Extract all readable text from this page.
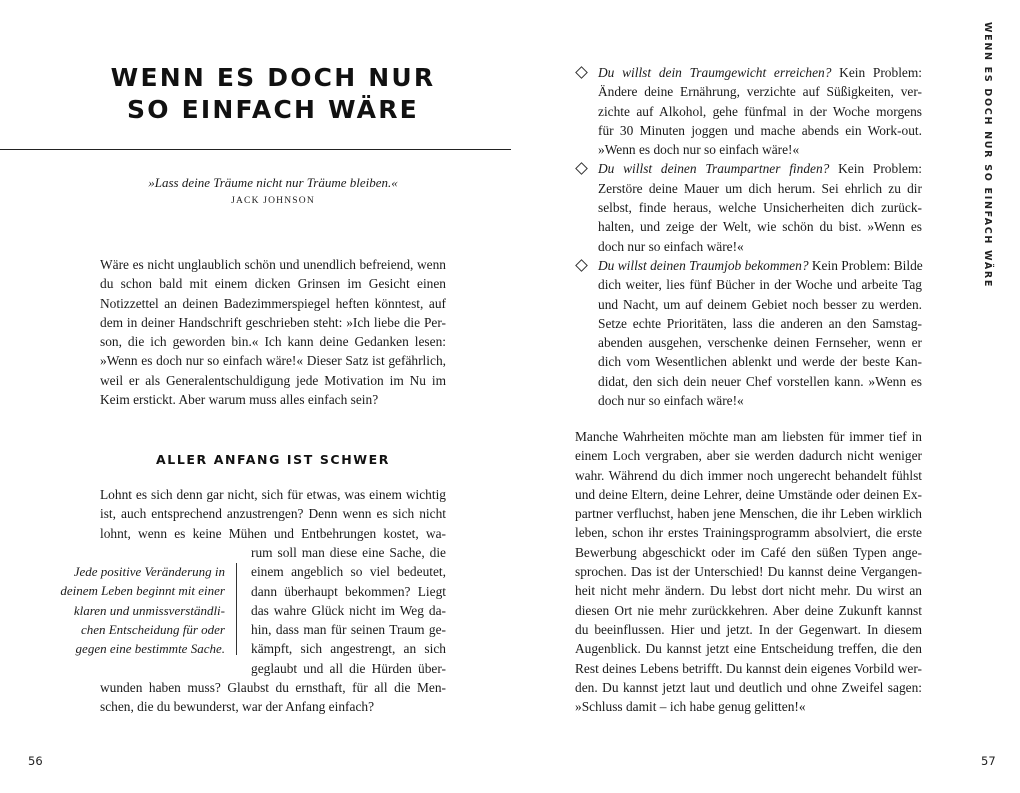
WENN ES DOCH NUR
SO EINFACH WÄRE
»Lass deine Träume nicht nur Träume bleiben.«
JACK JOHNSON
Wäre es nicht unglaublich schön und unendlich befreiend, wenn
du schon bald mit einem dicken Grinsen im Gesicht einen
Notizzettel an deinen Badezimmerspiegel heften könntest, auf
dem in deiner Handschrift geschrieben steht: »Ich liebe die Per-
son, die ich geworden bin.« Ich kann deine Gedanken lesen:
»Wenn es doch nur so einfach wäre!« Dieser Satz ist gefährlich,
weil er als Generalentschuldigung jede Motivation im Nu im
Keim erstickt. Aber warum muss alles einfach sein?
ALLER ANFANG IST SCHWER
Lohnt es sich denn gar nicht, sich für etwas, was einem wichtig
ist, auch entsprechend anzustrengen? Denn wenn es sich nicht
lohnt, wenn es keine Mühen und Entbehrungen kostet, wa-
rum soll man diese eine Sache, die
einem angeblich so viel bedeutet,
dann überhaupt bekommen? Liegt
das wahre Glück nicht im Weg da-
hin, dass man für seinen Traum ge-
kämpft, sich angestrengt, an sich
geglaubt und all die Hürden über-
wunden haben muss? Glaubst du ernsthaft, für all die Men-
schen, die du bewunderst, war der Anfang einfach?
Jede positive Veränderung in
deinem Leben beginnt mit einer
klaren und unmissverständli-
chen Entscheidung für oder
gegen eine bestimmte Sache.
56	57
WENN ES DOCH NUR SO EINFACH WÄRE
Du willst dein Traumgewicht erreichen? Kein Problem:
Ändere deine Ernährung, verzichte auf Süßigkeiten, ver-
zichte auf Alkohol, gehe fünfmal in der Woche morgens
für 30 Minuten joggen und mache abends ein Work-out.
»Wenn es doch nur so einfach wäre!«
Du willst deinen Traumpartner finden? Kein Problem:
Zerstöre deine Mauer um dich herum. Sei ehrlich zu dir
selbst, finde heraus, welche Unsicherheiten dich zurück-
halten, und zeige der Welt, wie schön du bist. »Wenn es
doch nur so einfach wäre!«
Du willst deinen Traumjob bekommen? Kein Problem: Bilde
dich weiter, lies fünf Bücher in der Woche und arbeite Tag
und Nacht, um auf deinem Gebiet noch besser zu werden.
Setze echte Prioritäten, lass die anderen an den Samstag-
abenden ausgehen, verschenke deinen Fernseher, wenn er
dich vom Wesentlichen ablenkt und werde der beste Kan-
didat, den sich dein neuer Chef vorstellen kann. »Wenn es
doch nur so einfach wäre!«
Manche Wahrheiten möchte man am liebsten für immer tief in
einem Loch vergraben, aber sie werden dadurch nicht weniger
wahr. Während du dich immer noch ungerecht behandelt fühlst
und deine Eltern, deine Lehrer, deine Umstände oder deinen Ex-
partner verfluchst, haben jene Menschen, die ihr Leben wirklich
leben, schon ihr erstes Trainingsprogramm absolviert, die erste
Bewerbung abgeschickt oder im Café den süßen Typen ange-
sprochen. Das ist der Unterschied! Du kannst deine Vergangen-
heit nicht mehr ändern. Du lebst dort nicht mehr. Du wirst an
diesen Ort nie mehr zurückkehren. Aber deine Zukunft kannst
du beeinflussen. Hier und jetzt. In der Gegenwart. In diesem
Augenblick. Du kannst jetzt eine Entscheidung treffen, die den
Rest deines Lebens betrifft. Du kannst dein eigenes Vorbild wer-
den. Du kannst jetzt laut und deutlich und ohne Zweifel sagen:
»Schluss damit – ich habe genug gelitten!«
